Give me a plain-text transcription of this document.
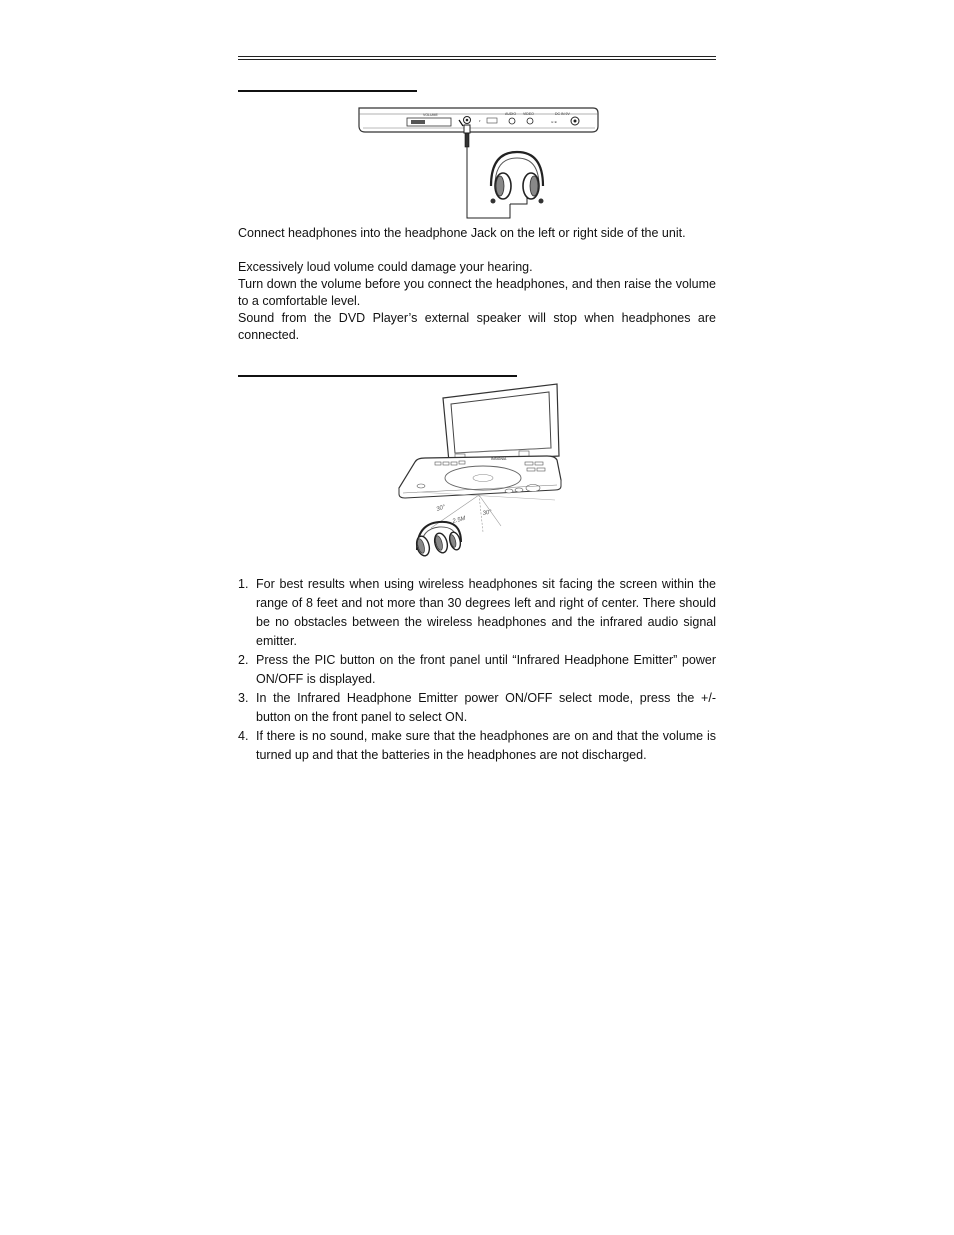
VOLUME
◐
AUDIO VIDEO	DC IN 9V
⊖ ⊕

Connect headphones into the headphone Jack on the left or right side of the unit.

Excessively loud volume could damage your hearing.

Turn down the volume before you connect the headphones, and then raise the volume to a comfortable level.

Sound from the DVD Player’s external speaker will stop when headphones are connected.

INSIGNIA
30°
30°
2.5M
1. For best results when using wireless headphones sit facing the screen within the range of 8 feet and not more than 30 degrees left and right of center. There should be no obstacles between the wireless headphones and the infrared audio signal emitter.
2. Press the PIC button on the front panel until “Infrared Headphone Emitter” power ON/OFF is displayed.
3. In the Infrared Headphone Emitter power ON/OFF select mode, press the +/- button on the front panel to select ON.
4. If there is no sound, make sure that the headphones are on and that the volume is turned up and that the batteries in the headphones are not discharged.
